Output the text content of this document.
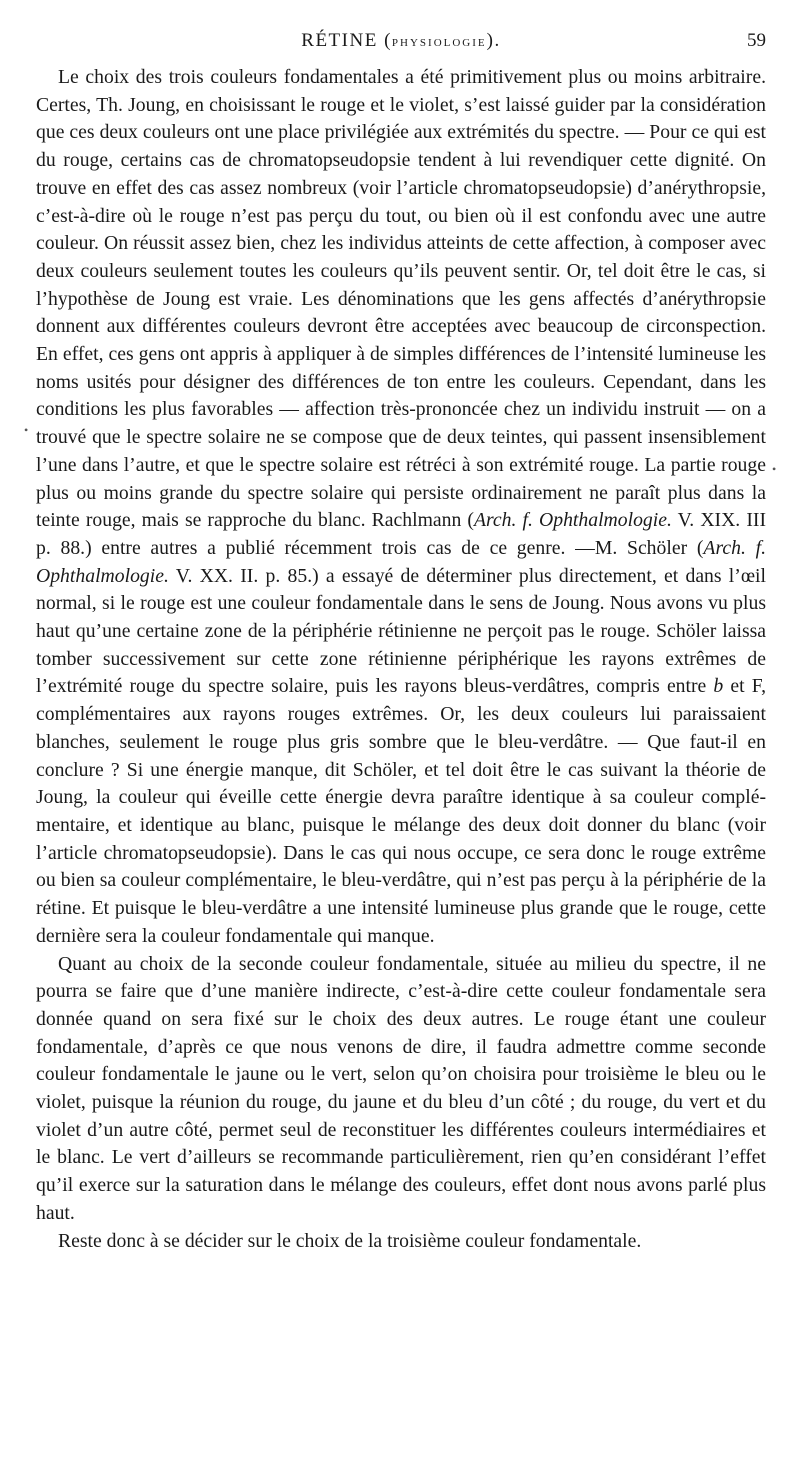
RÉTINE (physiologie).	59

Le choix des trois couleurs fondamentales a été primitivement plus ou moins arbitraire. Certes, Th. Joung, en choisissant le rouge et le violet, s’est laissé guider par la considération que ces deux couleurs ont une place privilégiée aux extrémités du spectre. — Pour ce qui est du rouge, certains cas de chromatopseudopsie tendent à lui revendiquer cette dignité. On trouve en effet des cas assez nombreux (voir l’article chromatopseudopsie) d’anérythropsie, c’est-à-dire où le rouge n’est pas perçu du tout, ou bien où il est confondu avec une autre couleur. On réussit assez bien, chez les individus atteints de cette affection, à composer avec deux couleurs seulement toutes les couleurs qu’ils peuvent sentir. Or, tel doit être le cas, si l’hypothèse de Joung est vraie. Les dénominations que les gens affectés d’anérythropsie donnent aux différentes couleurs devront être acceptées avec beaucoup de circonspection. En effet, ces gens ont appris à appliquer à de simples différences de l’intensité lumineuse les noms usités pour désigner des différences de ton entre les couleurs. Cependant, dans les conditions les plus favorables — affection très-prononcée chez un individu instruit — on a trouvé que le spectre solaire ne se compose que de deux teintes, qui passent insensiblement l’une dans l’autre, et que le spectre solaire est rétréci à son extrémité rouge. La partie rouge plus ou moins grande du spectre solaire qui persiste ordinairement ne paraît plus dans la teinte rouge, mais se rapproche du blanc. Rachlmann (Arch. f. Ophthalmologie. V. XIX. III p. 88.) entre autres a publié récemment trois cas de ce genre. —M. Schöler (Arch. f. Ophthalmologie. V. XX. II. p. 85.) a essayé de déterminer plus directement, et dans l’œil normal, si le rouge est une couleur fondamentale dans le sens de Joung. Nous avons vu plus haut qu’une certaine zone de la périphérie rétinienne ne perçoit pas le rouge. Schöler laissa tomber successivement sur cette zone rétinienne périphérique les rayons extrêmes de l’extrémité rouge du spectre solaire, puis les rayons bleus-verdâtres, compris entre b et F, complémentaires aux rayons rouges extrêmes. Or, les deux couleurs lui paraissaient blanches, seulement le rouge plus gris sombre que le bleu-verdâtre. — Que faut-il en conclure ? Si une énergie manque, dit Schöler, et tel doit être le cas suivant la théorie de Joung, la couleur qui éveille cette énergie devra paraître identique à sa couleur complémentaire, et identique au blanc, puisque le mélange des deux doit donner du blanc (voir l’article chromatopseudopsie). Dans le cas qui nous occupe, ce sera donc le rouge extrême ou bien sa couleur complémentaire, le bleu-verdâtre, qui n’est pas perçu à la périphérie de la rétine. Et puisque le bleu-verdâtre a une intensité lumineuse plus grande que le rouge, cette dernière sera la couleur fondamentale qui manque.

Quant au choix de la seconde couleur fondamentale, située au milieu du spectre, il ne pourra se faire que d’une manière indirecte, c’est-à-dire cette couleur fondamentale sera donnée quand on sera fixé sur le choix des deux autres. Le rouge étant une couleur fondamentale, d’après ce que nous venons de dire, il faudra admettre comme seconde couleur fondamentale le jaune ou le vert, selon qu’on choisira pour troisième le bleu ou le violet, puisque la réunion du rouge, du jaune et du bleu d’un côté ; du rouge, du vert et du violet d’un autre côté, permet seul de reconstituer les différentes couleurs intermédiaires et le blanc. Le vert d’ailleurs se recommande particulièrement, rien qu’en considérant l’effet qu’il exerce sur la saturation dans le mélange des couleurs, effet dont nous avons parlé plus haut.

Reste donc à se décider sur le choix de la troisième couleur fondamentale.

•
•
